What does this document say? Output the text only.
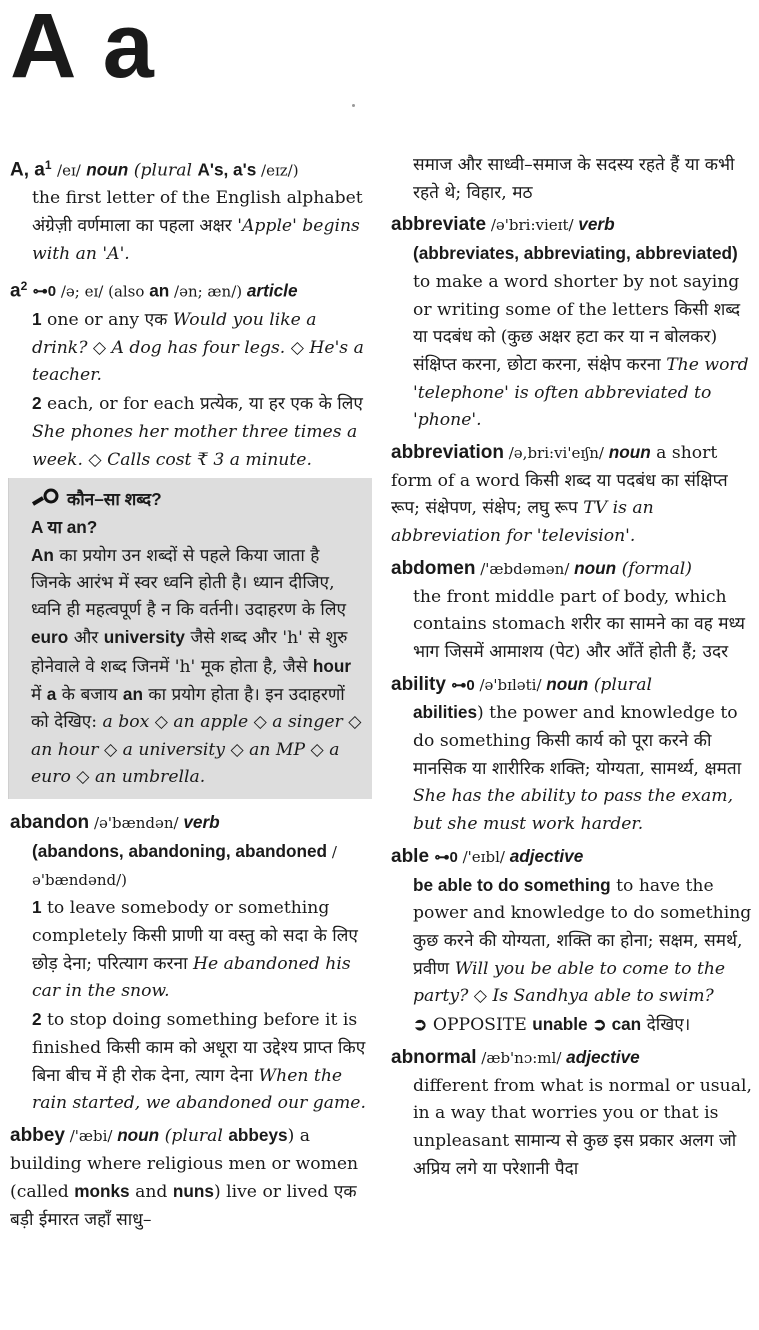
A a
A, $a^1$ /eɪ/ noun (plural A's, a's /eɪz/)
the first letter of the English alphabet अंग्रेज़ी वर्णमाला का पहला अक्षर 'Apple' begins with an 'A'.
$a^2$ ⊶0 /ə; eɪ/ (also an /ən; æn/) article
1 one or any एक Would you like a drink? ◇ A dog has four legs. ◇ He's a teacher.
2 each, or for each प्रत्येक, या हर एक के लिए She phones her mother three times a week. ◇ Calls cost ₹ 3 a minute.
कौन–सा शब्द?
A या an?
An का प्रयोग उन शब्दों से पहले किया जाता है जिनके आरंभ में स्वर ध्वनि होती है। ध्यान दीजिए, ध्वनि ही महत्वपूर्ण है न कि वर्तनी। उदाहरण के लिए euro और university जैसे शब्द और 'h' से शुरु होनेवाले वे शब्द जिनमें 'h' मूक होता है, जैसे hour में a के बजाय an का प्रयोग होता है। इन उदाहरणों को देखिए: a box ◇ an apple ◇ a singer ◇ an hour ◇ a university ◇ an MP ◇ a euro ◇ an umbrella.
abandon /ə'bændən/ verb
(abandons, abandoning, abandoned /ə'bændənd/)
1 to leave somebody or something completely किसी प्राणी या वस्तु को सदा के लिए छोड़ देना; परित्याग करना He abandoned his car in the snow.
2 to stop doing something before it is finished किसी काम को अधूरा या उद्देश्य प्राप्त किए बिना बीच में ही रोक देना, त्याग देना When the rain started, we abandoned our game.
abbey /'æbi/ noun (plural abbeys) a building where religious men or women (called monks and nuns) live or lived एक बड़ी ईमारत जहाँ साधु–
समाज और साध्वी–समाज के सदस्य रहते हैं या कभी रहते थे; विहार, मठ
abbreviate /ə'bri:vieɪt/ verb
(abbreviates, abbreviating, abbreviated) to make a word shorter by not saying or writing some of the letters किसी शब्द या पदबंध को (कुछ अक्षर हटा कर या न बोलकर) संक्षिप्त करना, छोटा करना, संक्षेप करना The word 'telephone' is often abbreviated to 'phone'.
abbreviation /ə,bri:vi'eɪʃn/ noun a short form of a word किसी शब्द या पदबंध का संक्षिप्त रूप; संक्षेपण, संक्षेप; लघु रूप TV is an abbreviation for 'television'.
abdomen /'æbdəmən/ noun (formal)
the front middle part of body, which contains stomach शरीर का सामने का वह मध्य भाग जिसमें आमाशय (पेट) और आँतें होती हैं; उदर
ability ⊶0 /ə'bɪləti/ noun (plural
abilities) the power and knowledge to do something किसी कार्य को पूरा करने की मानसिक या शारीरिक शक्ति; योग्यता, सामर्थ्य, क्षमता She has the ability to pass the exam, but she must work harder.
able ⊶0 /'eɪbl/ adjective
be able to do something to have the power and knowledge to do something कुछ करने की योग्यता, शक्ति का होना; सक्षम, समर्थ, प्रवीण Will you be able to come to the party? ◇ Is Sandhya able to swim?
➲ OPPOSITE unable ➲ can देखिए।
abnormal /æb'nɔ:ml/ adjective
different from what is normal or usual, in a way that worries you or that is unpleasant सामान्य से कुछ इस प्रकार अलग जो अप्रिय लगे या परेशानी पैदा
